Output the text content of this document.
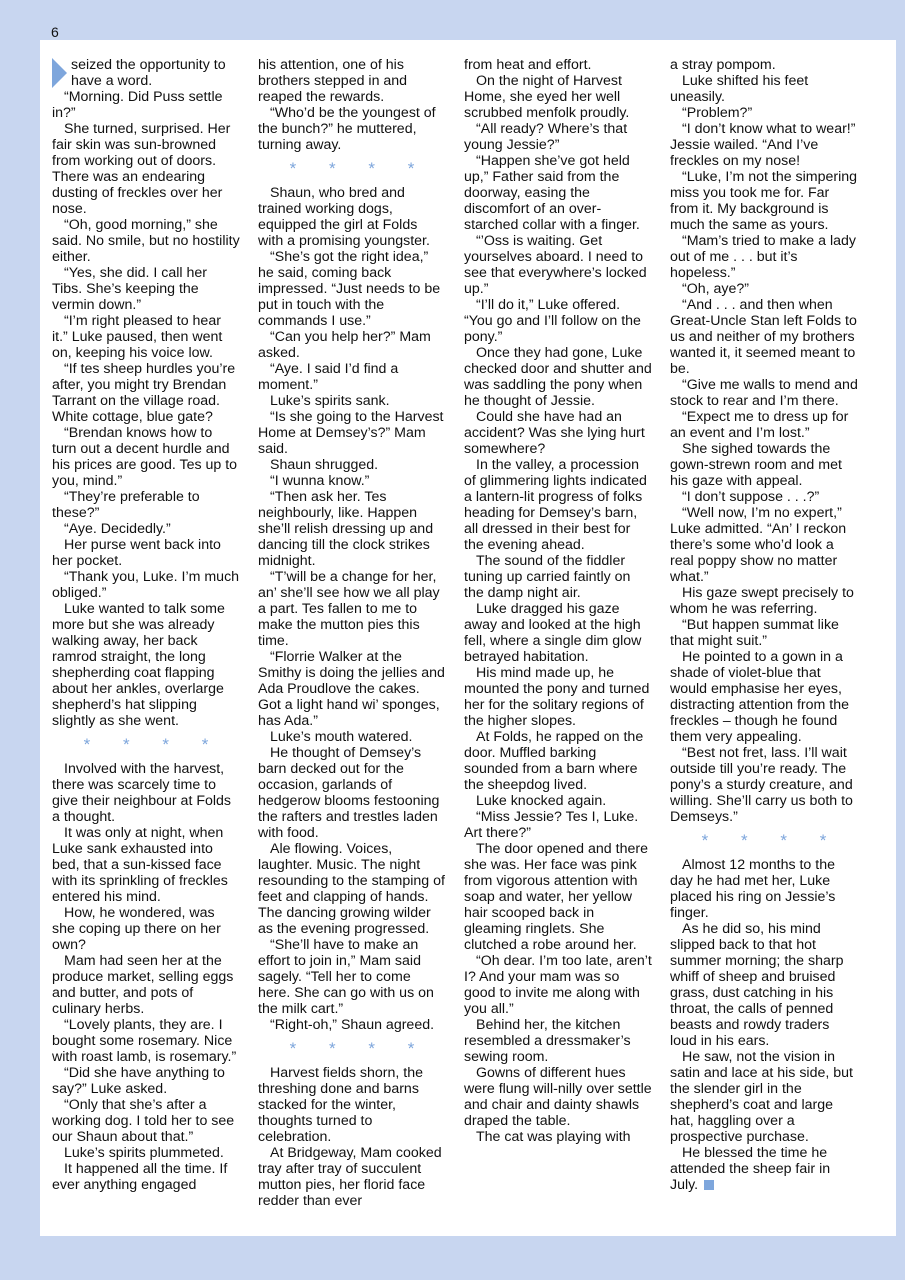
6

seized the opportunity to have a word.

“Morning. Did Puss settle in?”

She turned, surprised. Her fair skin was sun-browned from working out of doors. There was an endearing dusting of freckles over her nose.

“Oh, good morning,” she said. No smile, but no hostility either.

“Yes, she did. I call her Tibs. She’s keeping the vermin down.”

“I’m right pleased to hear it.” Luke paused, then went on, keeping his voice low.

“If tes sheep hurdles you’re after, you might try Brendan Tarrant on the village road. White cottage, blue gate?

“Brendan knows how to turn out a decent hurdle and his prices are good. Tes up to you, mind.”

“They’re preferable to these?”

“Aye. Decidedly.”

Her purse went back into her pocket.

“Thank you, Luke. I’m much obliged.”

Luke wanted to talk some more but she was already walking away, her back ramrod straight, the long shepherding coat flapping about her ankles, overlarge shepherd’s hat slipping slightly as she went.

* * * *

Involved with the harvest, there was scarcely time to give their neighbour at Folds a thought.

It was only at night, when Luke sank exhausted into bed, that a sun-kissed face with its sprinkling of freckles entered his mind.

How, he wondered, was she coping up there on her own?

Mam had seen her at the produce market, selling eggs and butter, and pots of culinary herbs.

“Lovely plants, they are. I bought some rosemary. Nice with roast lamb, is rosemary.”

“Did she have anything to say?” Luke asked.

“Only that she’s after a working dog. I told her to see our Shaun about that.”

Luke’s spirits plummeted.

It happened all the time. If ever anything engaged

his attention, one of his brothers stepped in and reaped the rewards.

“Who’d be the youngest of the bunch?” he muttered, turning away.

* * * *

Shaun, who bred and trained working dogs, equipped the girl at Folds with a promising youngster.

“She’s got the right idea,” he said, coming back impressed. “Just needs to be put in touch with the commands I use.”

“Can you help her?” Mam asked.

“Aye. I said I’d find a moment.”

Luke’s spirits sank.

“Is she going to the Harvest Home at Demsey’s?” Mam said.

Shaun shrugged.

“I wunna know.”

“Then ask her. Tes neighbourly, like. Happen she’ll relish dressing up and dancing till the clock strikes midnight.

“T’will be a change for her, an’ she’ll see how we all play a part. Tes fallen to me to make the mutton pies this time.

“Florrie Walker at the Smithy is doing the jellies and Ada Proudlove the cakes. Got a light hand wi’ sponges, has Ada.”

Luke’s mouth watered.

He thought of Demsey’s barn decked out for the occasion, garlands of hedgerow blooms festooning the rafters and trestles laden with food.

Ale flowing. Voices, laughter. Music. The night resounding to the stamping of feet and clapping of hands. The dancing growing wilder as the evening progressed.

“She’ll have to make an effort to join in,” Mam said sagely. “Tell her to come here. She can go with us on the milk cart.”

“Right-oh,” Shaun agreed.

* * * *

Harvest fields shorn, the threshing done and barns stacked for the winter, thoughts turned to celebration.

At Bridgeway, Mam cooked tray after tray of succulent mutton pies, her florid face redder than ever

from heat and effort.

On the night of Harvest Home, she eyed her well scrubbed menfolk proudly.

“All ready? Where’s that young Jessie?”

“Happen she’ve got held up,” Father said from the doorway, easing the discomfort of an over-starched collar with a finger.

“’Oss is waiting. Get yourselves aboard. I need to see that everywhere’s locked up.”

“I’ll do it,” Luke offered. “You go and I’ll follow on the pony.”

Once they had gone, Luke checked door and shutter and was saddling the pony when he thought of Jessie.

Could she have had an accident? Was she lying hurt somewhere?

In the valley, a procession of glimmering lights indicated a lantern-lit progress of folks heading for Demsey’s barn, all dressed in their best for the evening ahead.

The sound of the fiddler tuning up carried faintly on the damp night air.

Luke dragged his gaze away and looked at the high fell, where a single dim glow betrayed habitation.

His mind made up, he mounted the pony and turned her for the solitary regions of the higher slopes.

At Folds, he rapped on the door. Muffled barking sounded from a barn where the sheepdog lived.

Luke knocked again.

“Miss Jessie? Tes I, Luke. Art there?”

The door opened and there she was. Her face was pink from vigorous attention with soap and water, her yellow hair scooped back in gleaming ringlets. She clutched a robe around her.

“Oh dear. I’m too late, aren’t I? And your mam was so good to invite me along with you all.”

Behind her, the kitchen resembled a dressmaker’s sewing room.

Gowns of different hues were flung will-nilly over settle and chair and dainty shawls draped the table.

The cat was playing with

a stray pompom.

Luke shifted his feet uneasily.

“Problem?”

“I don’t know what to wear!” Jessie wailed. “And I’ve freckles on my nose!

“Luke, I’m not the simpering miss you took me for. Far from it. My background is much the same as yours.

“Mam’s tried to make a lady out of me . . . but it’s hopeless.”

“Oh, aye?”

“And . . . and then when Great-Uncle Stan left Folds to us and neither of my brothers wanted it, it seemed meant to be.

“Give me walls to mend and stock to rear and I’m there.

“Expect me to dress up for an event and I’m lost.”

She sighed towards the gown-strewn room and met his gaze with appeal.

“I don’t suppose . . .?”

“Well now, I’m no expert,” Luke admitted. “An’ I reckon there’s some who’d look a real poppy show no matter what.”

His gaze swept precisely to whom he was referring.

“But happen summat like that might suit.”

He pointed to a gown in a shade of violet-blue that would emphasise her eyes, distracting attention from the freckles – though he found them very appealing.

“Best not fret, lass. I’ll wait outside till you’re ready. The pony’s a sturdy creature, and willing. She’ll carry us both to Demseys.”

* * * *

Almost 12 months to the day he had met her, Luke placed his ring on Jessie’s finger.

As he did so, his mind slipped back to that hot summer morning; the sharp whiff of sheep and bruised grass, dust catching in his throat, the calls of penned beasts and rowdy traders loud in his ears.

He saw, not the vision in satin and lace at his side, but the slender girl in the shepherd’s coat and large hat, haggling over a prospective purchase.

He blessed the time he attended the sheep fair in July.
